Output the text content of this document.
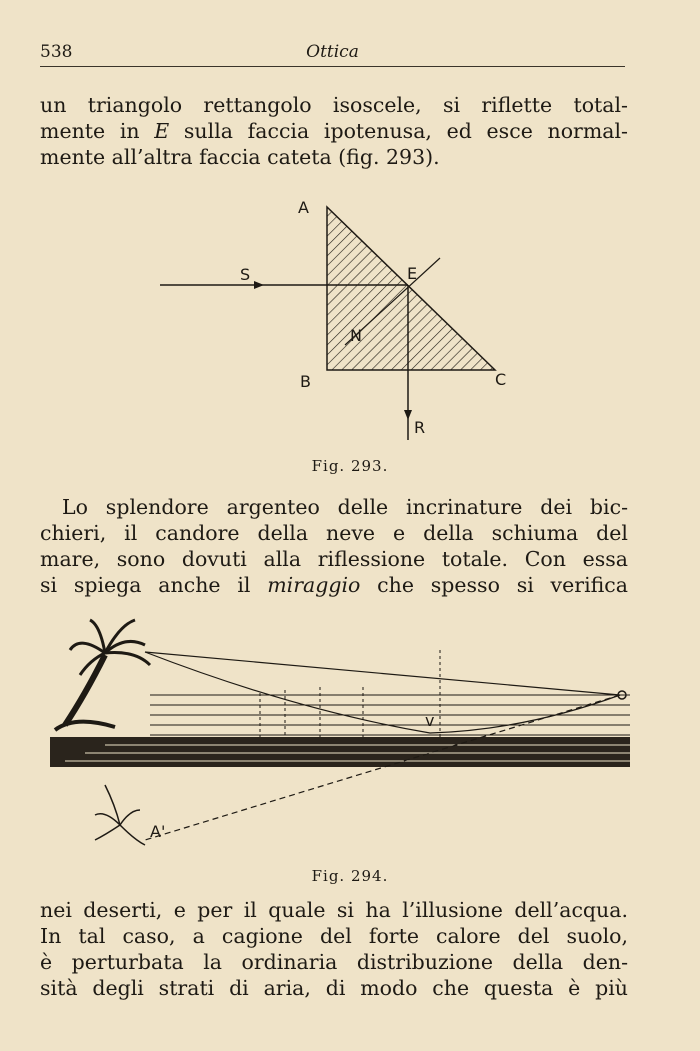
538	Ottica
un triangolo rettangolo isoscele, si riflette total-
mente in E sulla faccia ipotenusa, ed esce normal-
mente all’altra faccia cateta (fig. 293).
A
B	C
S	E
N
R
Fig. 293.
Lo splendore argenteo delle incrinature dei bic-
chieri, il candore della neve e della schiuma del
mare, sono dovuti alla riflessione totale. Con essa
si spiega anche il miraggio che spesso si verifica
A'
v
Fig. 294.
nei deserti, e per il quale si ha l’illusione dell’acqua.
In tal caso, a cagione del forte calore del suolo,
è perturbata la ordinaria distribuzione della den-
sità degli strati di aria, di modo che questa è più
